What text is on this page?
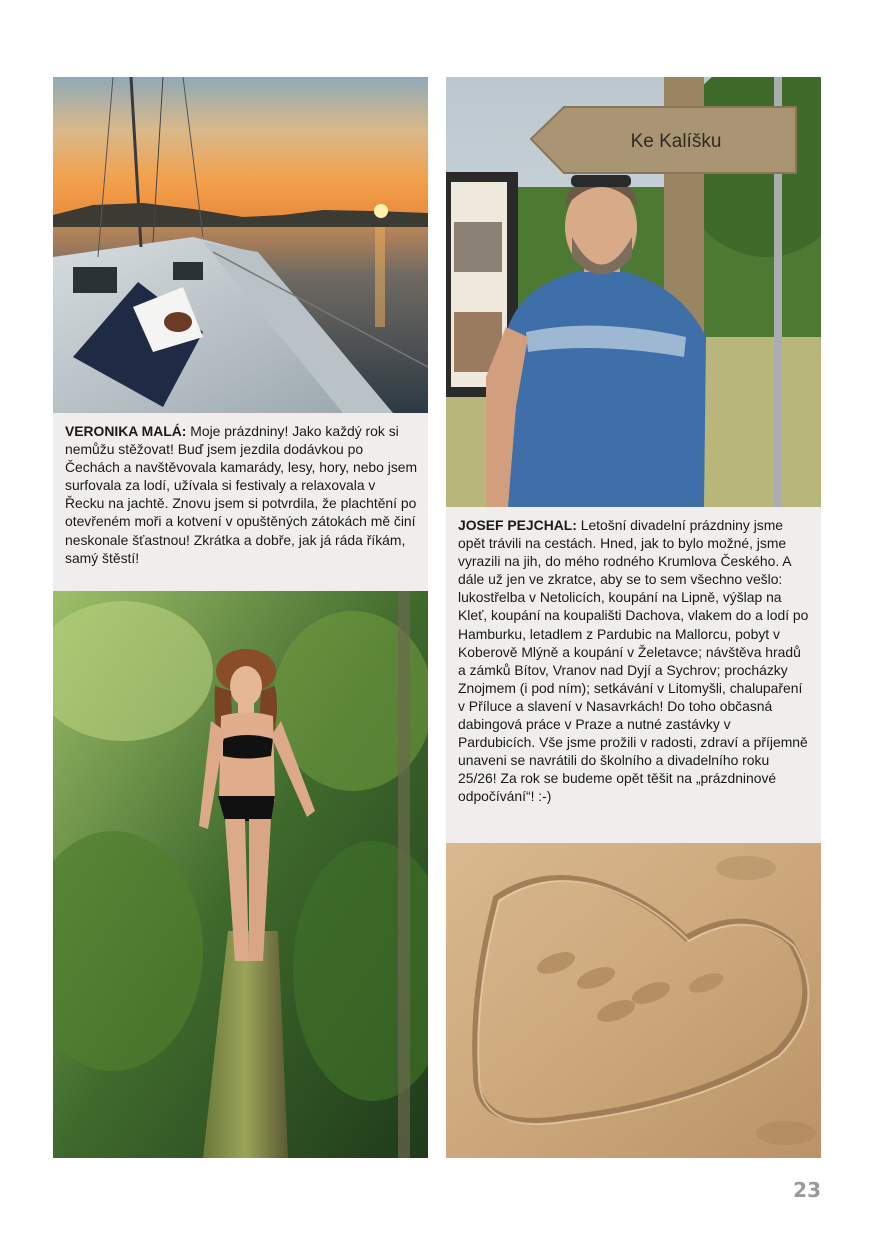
VERONIKA MALÁ: Moje prázdniny! Jako každý rok si nemůžu stěžovat! Buď jsem jezdila dodávkou po Čechách a navštěvovala kamarády, lesy, hory, nebo jsem surfovala za lodí, užívala si festivaly a relaxovala v Řecku na jachtě. Znovu jsem si potvrdila, že plachtění po otevřeném moři a kotvení v opuštěných zátokách mě činí neskonale šťastnou! Zkrátka a dobře, jak já ráda říkám, samý štěstí!
Ke Kalíšku
JOSEF PEJCHAL: Letošní divadelní prázdniny jsme opět trávili na cestách. Hned, jak to bylo možné, jsme vyrazili na jih, do mého rodného Krumlova Českého. A dále už jen ve zkratce, aby se to sem všechno vešlo: lukostřelba v Netolicích, koupání na Lipně, výšlap na Kleť, koupání na koupališti Dachova, vlakem do a lodí po Hamburku, letadlem z Pardubic na Mallorcu, pobyt v Koberově Mlýně a koupání v Želetavce; návštěva hradů a zámků Bítov, Vranov nad Dyjí a Sychrov; procházky Znojmem (i pod ním); setkávání v Litomyšli, chalupaření v Příluce a slavení v Nasavrkách! Do toho občasná dabingová práce v Praze a nutné zastávky v Pardubicích. Vše jsme prožili v radosti, zdraví a příjemně unaveni se navrátili do školního a divadelního roku 25/26! Za rok se budeme opět těšit na „prázdninové odpočívání“! :-)
23
